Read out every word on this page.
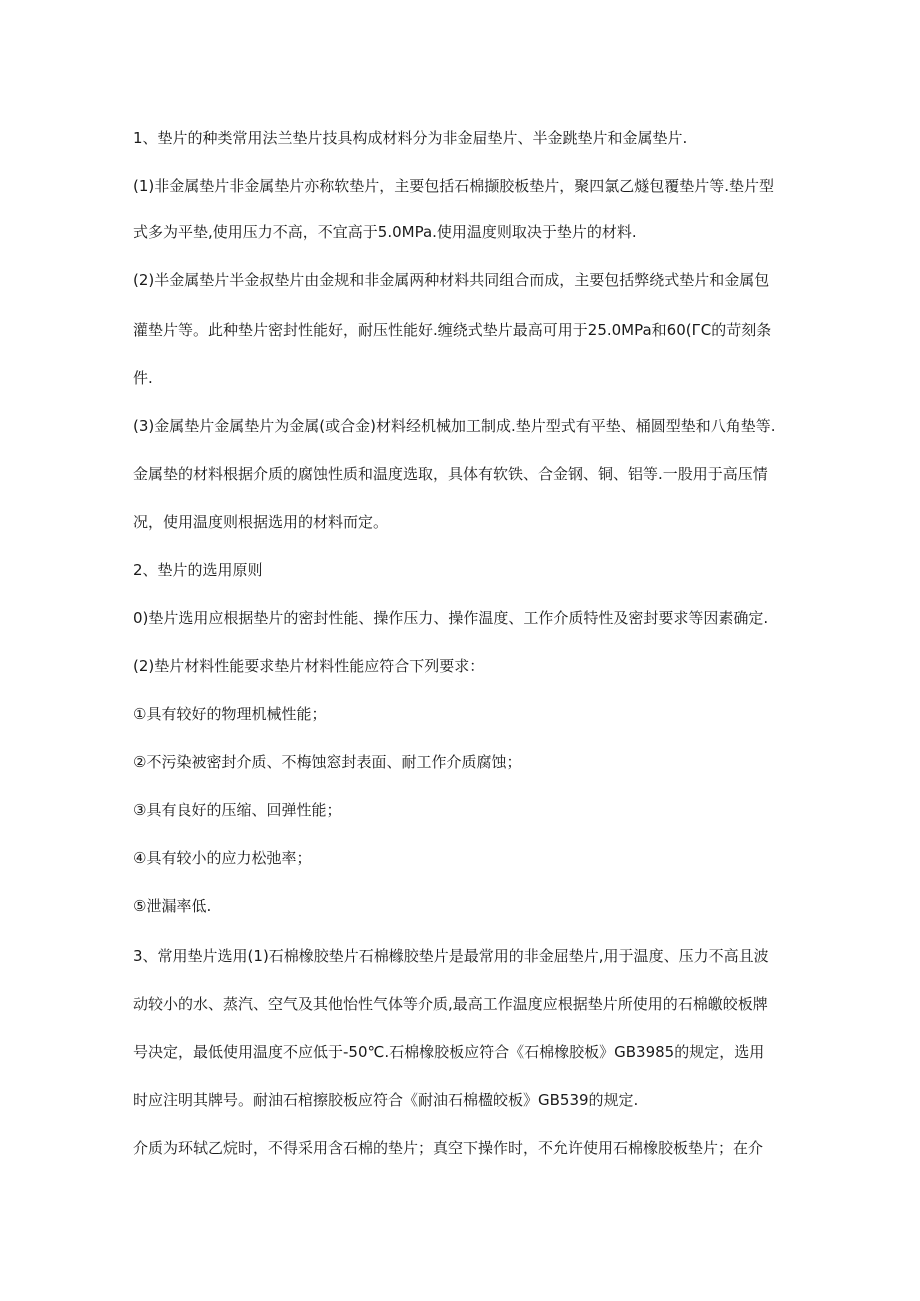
1、垫片的种类常用法兰垫片技具构成材料分为非金屇垫片、半金跳垫片和金属垫片.
(1)非金属垫片非金属垫片亦称软垫片，主要包括石棉撷胶板垫片，聚四氯乙燧包覆垫片等.垫片型
式多为平垫,使用压力不高，不宜高于5.0MPa.使用温度则取决于垫片的材料.
(2)半金属垫片半金叔垫片由金规和非金属两种材料共同组合而成，主要包括弊绕式垫片和金属包
灌垫片等。此种垫片密封性能好，耐压性能好.缠绕式垫片最高可用于25.0MPa和60(ГC的苛刻条
件.
(3)金属垫片金属垫片为金属(或合金)材料经机械加工制成.垫片型式有平垫、桶圆型垫和八角垫等.
金属垫的材料根据介质的腐蚀性质和温度选取，具体有软铁、合金钢、铜、铝等.一股用于高压情
况，使用温度则根据选用的材料而定。
2、垫片的选用原则
0)垫片选用应根据垫片的密封性能、操作压力、操作温度、工作介质特性及密封要求等因素确定.
(2)垫片材料性能要求垫片材料性能应符合下列要求：
①具有较好的物理机械性能；
②不污染被密封介质、不梅蚀窓封表面、耐工作介质腐蚀；
③具有良好的压缩、回弹性能；
④具有较小的应力松弛率；
⑤泄漏率低.
3、常用垫片选用(1)石棉橡胶垫片石棉橼胶垫片是最常用的非金屈垫片,用于温度、压力不高且波
动较小的水、蒸汽、空气及其他怡性气体等介质,最高工作温度应根据垫片所使用的石棉皦皎板牌
号决定，最低使用温度不应低于-50℃.石棉橡胶板应符合《石棉橡胶板》GB3985的规定，选用
时应注明其牌号。耐油石棺擦胶板应符合《耐油石棉楹皎板》GB539的规定.
介质为环轼乙烷时，不得采用含石棉的垫片；真空下操作时，不允许使用石棉橡胶板垫片；在介
